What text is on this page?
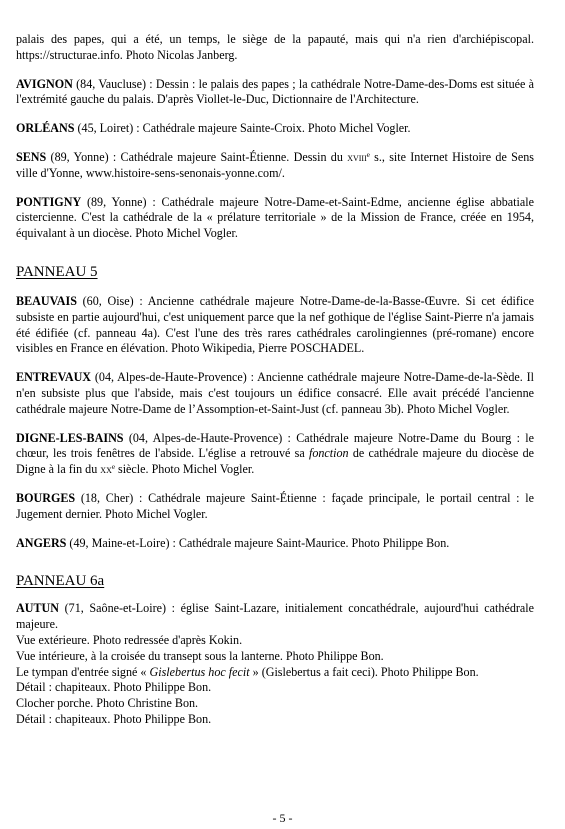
palais des papes, qui a été, un temps, le siège de la papauté, mais qui n'a rien d'archiépiscopal. https://structurae.info. Photo Nicolas Janberg.

AVIGNON (84, Vaucluse) : Dessin : le palais des papes ; la cathédrale Notre-Dame-des-Doms est située à l'extrémité gauche du palais. D'après Viollet-le-Duc, Dictionnaire de l'Architecture.

ORLÉANS (45, Loiret) : Cathédrale majeure Sainte-Croix. Photo Michel Vogler.

SENS (89, Yonne) : Cathédrale majeure Saint-Étienne. Dessin du xviii$^e$ s., site Internet Histoire de Sens ville d'Yonne, www.histoire-sens-senonais-yonne.com/.

PONTIGNY (89, Yonne) : Cathédrale majeure Notre-Dame-et-Saint-Edme, ancienne église abbatiale cistercienne. C'est la cathédrale de la « prélature territoriale » de la Mission de France, créée en 1954, équivalant à un diocèse. Photo Michel Vogler.

PANNEAU 5

BEAUVAIS (60, Oise) : Ancienne cathédrale majeure Notre-Dame-de-la-Basse-Œuvre. Si cet édifice subsiste en partie aujourd'hui, c'est uniquement parce que la nef gothique de l'église Saint-Pierre n'a jamais été édifiée (cf. panneau 4a). C'est l'une des très rares cathédrales carolingiennes (pré-romane) encore visibles en France en élévation. Photo Wikipedia, Pierre POSCHADEL.

ENTREVAUX (04, Alpes-de-Haute-Provence) : Ancienne cathédrale majeure Notre-Dame-de-la-Sède. Il n'en subsiste plus que l'abside, mais c'est toujours un édifice consacré. Elle avait précédé l'ancienne cathédrale majeure Notre-Dame de l’Assomption-et-Saint-Just (cf. panneau 3b). Photo Michel Vogler.

DIGNE-LES-BAINS (04, Alpes-de-Haute-Provence) : Cathédrale majeure Notre-Dame du Bourg : le chœur, les trois fenêtres de l'abside. L'église a retrouvé sa fonction de cathédrale majeure du diocèse de Digne à la fin du $xx^e$ siècle. Photo Michel Vogler.

BOURGES (18, Cher) : Cathédrale majeure Saint-Étienne : façade principale, le portail central : le Jugement dernier. Photo Michel Vogler.

ANGERS (49, Maine-et-Loire) : Cathédrale majeure Saint-Maurice. Photo Philippe Bon.

PANNEAU 6a

AUTUN (71, Saône-et-Loire) : église Saint-Lazare, initialement concathédrale, aujourd'hui cathédrale majeure.

Vue extérieure. Photo redressée d'après Kokin.

Vue intérieure, à la croisée du transept sous la lanterne. Photo Philippe Bon.

Le tympan d'entrée signé « Gislebertus hoc fecit » (Gislebertus a fait ceci). Photo Philippe Bon.

Détail : chapiteaux. Photo Philippe Bon.

Clocher porche. Photo Christine Bon.

Détail : chapiteaux. Photo Philippe Bon.

- 5 -
